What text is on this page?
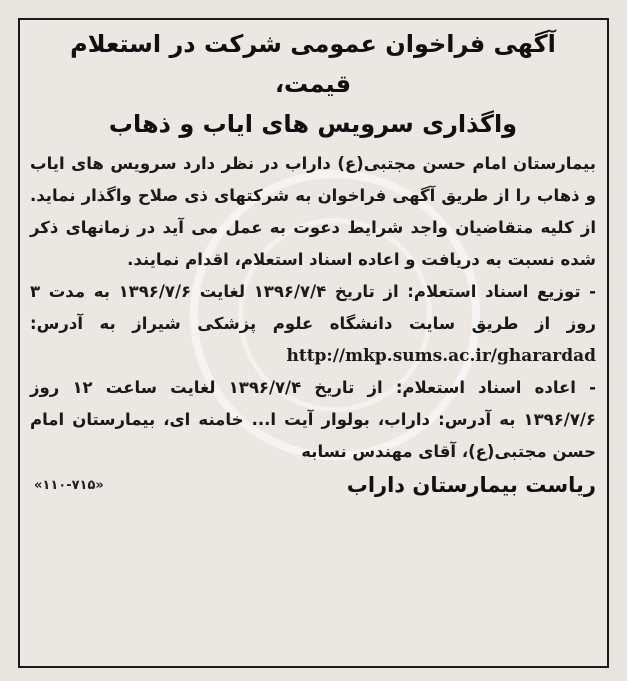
آگهی فراخوان عمومی شرکت در استعلام قیمت،
واگذاری سرویس های ایاب و ذهاب

بیمارستان امام حسن مجتبی(ع) داراب در نظر دارد سرویس های ایاب و ذهاب را از طریق آگهی فراخوان به شرکتهای ذی صلاح واگذار نماید. از کلیه متقاضیان واجد شرایط دعوت به عمل می آید در زمانهای ذکر شده نسبت به دریافت و اعاده اسناد استعلام، اقدام نمایند.

- توزیع اسناد استعلام: از تاریخ ۱۳۹۶/۷/۴ لغایت ۱۳۹۶/۷/۶ به مدت ۳ روز از طریق سایت دانشگاه علوم پزشکی شیراز به آدرس: http://mkp.sums.ac.ir/gharardad

- اعاده اسناد استعلام: از تاریخ ۱۳۹۶/۷/۴ لغایت ساعت ۱۲ روز ۱۳۹۶/۷/۶ به آدرس: داراب، بولوار آیت ا... خامنه ای، بیمارستان امام حسن مجتبی(ع)، آقای مهندس نسابه

ریاست بیمارستان داراب
«۱۱۰-۷۱۵»
